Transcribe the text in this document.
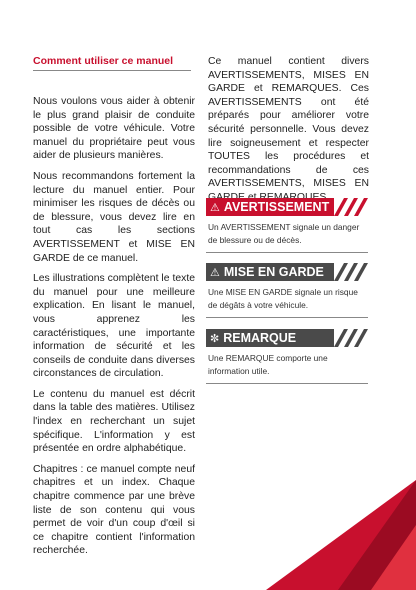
Comment utiliser ce manuel

Nous voulons vous aider à obtenir le plus grand plaisir de conduite possible de votre véhicule. Votre manuel du propriétaire peut vous aider de plusieurs manières.

Nous recommandons fortement la lecture du manuel entier. Pour minimiser les risques de décès ou de blessure, vous devez lire en tout cas les sections AVERTISSEMENT et MISE EN GARDE de ce manuel.

Les illustrations complètent le texte du manuel pour une meilleure explication. En lisant le manuel, vous apprenez les caractéristiques, une importante information de sécurité et les conseils de conduite dans diverses circonstances de circulation.

Le contenu du manuel est décrit dans la table des matières. Utilisez l'index en recherchant un sujet spécifique. L'information y est présentée en ordre alphabétique.

Chapitres : ce manuel compte neuf chapitres et un index. Chaque chapitre commence par une brève liste de son contenu qui vous permet de voir d'un coup d'œil si ce chapitre contient l'information recherchée.

Ce manuel contient divers AVERTISSEMENTS, MISES EN GARDE et REMARQUES. Ces AVERTISSEMENTS ont été préparés pour améliorer votre sécurité personnelle. Vous devez lire soigneusement et respecter TOUTES les procédures et recommandations de ces AVERTISSEMENTS, MISES EN

⚠ AVERTISSEMENT
Un AVERTISSEMENT signale un danger de blessure ou de décès.
⚠ MISE EN GARDE
Une MISE EN GARDE signale un risque de dégâts à votre véhicule.
✼ REMARQUE
Une REMARQUE comporte une information utile.
